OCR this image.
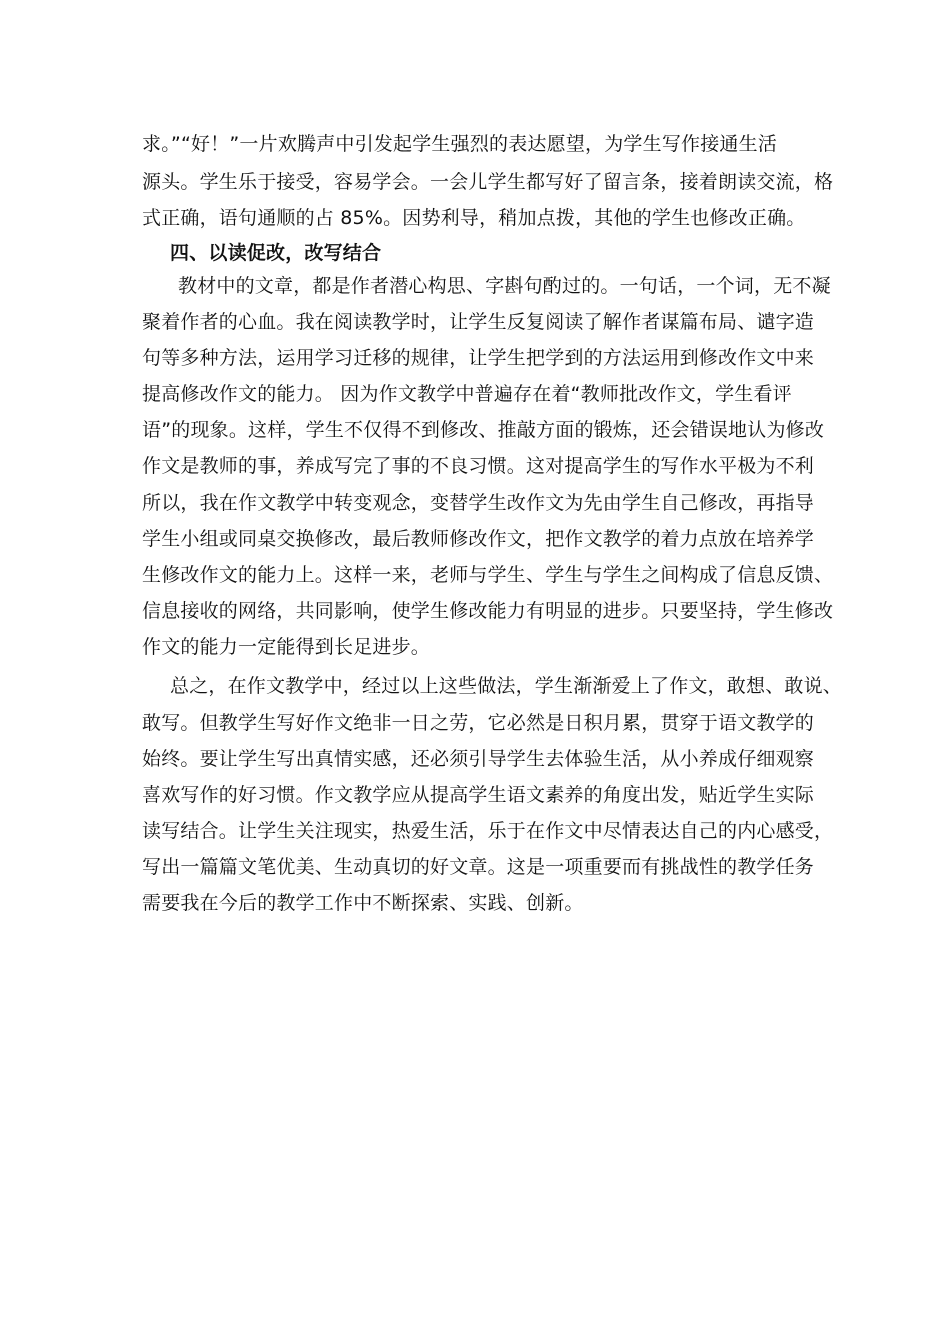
求。”“好！”一片欢腾声中引发起学生强烈的表达愿望，为学生写作接通生活
源头。学生乐于接受，容易学会。一会儿学生都写好了留言条，接着朗读交流，格
式正确，语句通顺的占 85%。因势利导，稍加点拨，其他的学生也修改正确。
四、以读促改，改写结合
教材中的文章，都是作者潜心构思、字斟句酌过的。一句话，一个词，无不凝
聚着作者的心血。我在阅读教学时，让学生反复阅读了解作者谋篇布局、谴字造
句等多种方法，运用学习迁移的规律，让学生把学到的方法运用到修改作文中来
提高修改作文的能力。 因为作文教学中普遍存在着“教师批改作文，学生看评
语”的现象。这样，学生不仅得不到修改、推敲方面的锻炼，还会错误地认为修改
作文是教师的事，养成写完了事的不良习惯。这对提高学生的写作水平极为不利
所以，我在作文教学中转变观念，变替学生改作文为先由学生自己修改，再指导
学生小组或同桌交换修改，最后教师修改作文，把作文教学的着力点放在培养学
生修改作文的能力上。这样一来，老师与学生、学生与学生之间构成了信息反馈、
信息接收的网络，共同影响，使学生修改能力有明显的进步。只要坚持，学生修改
作文的能力一定能得到长足进步。
总之，在作文教学中，经过以上这些做法，学生渐渐爱上了作文，敢想、敢说、
敢写。但教学生写好作文绝非一日之劳，它必然是日积月累，贯穿于语文教学的
始终。要让学生写出真情实感，还必须引导学生去体验生活，从小养成仔细观察
喜欢写作的好习惯。作文教学应从提高学生语文素养的角度出发，贴近学生实际
读写结合。让学生关注现实，热爱生活，乐于在作文中尽情表达自己的内心感受，
写出一篇篇文笔优美、生动真切的好文章。这是一项重要而有挑战性的教学任务
需要我在今后的教学工作中不断探索、实践、创新。
